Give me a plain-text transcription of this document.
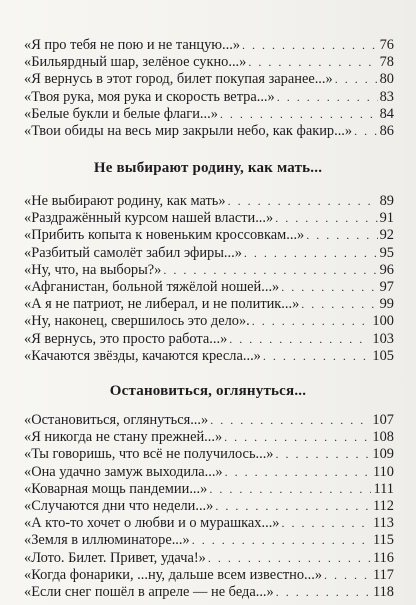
«Я про тебя не пою и не танцую...» . . .	76
«Бильярдный шар, зелёное сукно...» . . .	78
«Я вернусь в этот город, билет покупая заранее...» . . .	80
«Твоя рука, моя рука и скорость ветра...» . . .	83
«Белые букли и белые флаги...» . . .	84
«Твои обиды на весь мир закрыли небо, как факир...» . . . 86
Не выбирают родину, как мать...
«Не выбирают родину, как мать» . . .	89
«Раздражённый курсом нашей власти...» . . .	91
«Прибить копыта к новеньким кроссовкам...» . . .	92
«Разбитый самолёт забил эфиры...» . . .	95
«Ну, что, на выборы?» . . .	96
«Афганистан, больной тяжёлой ношей...» . . .	97
«А я не патриот, не либерал, и не политик...» . . .	99
«Ну, наконец, свершилось это дело». . . .	100
«Я вернусь, это просто работа...» . . .	103
«Качаются звёзды, качаются кресла...» . . .	105
Остановиться, оглянуться...
«Остановиться, оглянуться...» . . .	107
«Я никогда не стану прежней...» . . .	108
«Ты говоришь, что всё не получилось...» . . .	109
«Она удачно замуж выходила...» . . .	110
«Коварная мощь пандемии...» . . .	111
«Случаются дни что недели...» . . .	112
«А кто-то хочет о любви и о мурашках...» . . .	113
«Земля в иллюминаторе...» . . .	115
«Лото. Билет. Привет, удача!» . . .	116
«Когда фонарики, ...ну, дальше всем известно...» . . .	117
«Если снег пошёл в апреле — не беда...» . . .	118
